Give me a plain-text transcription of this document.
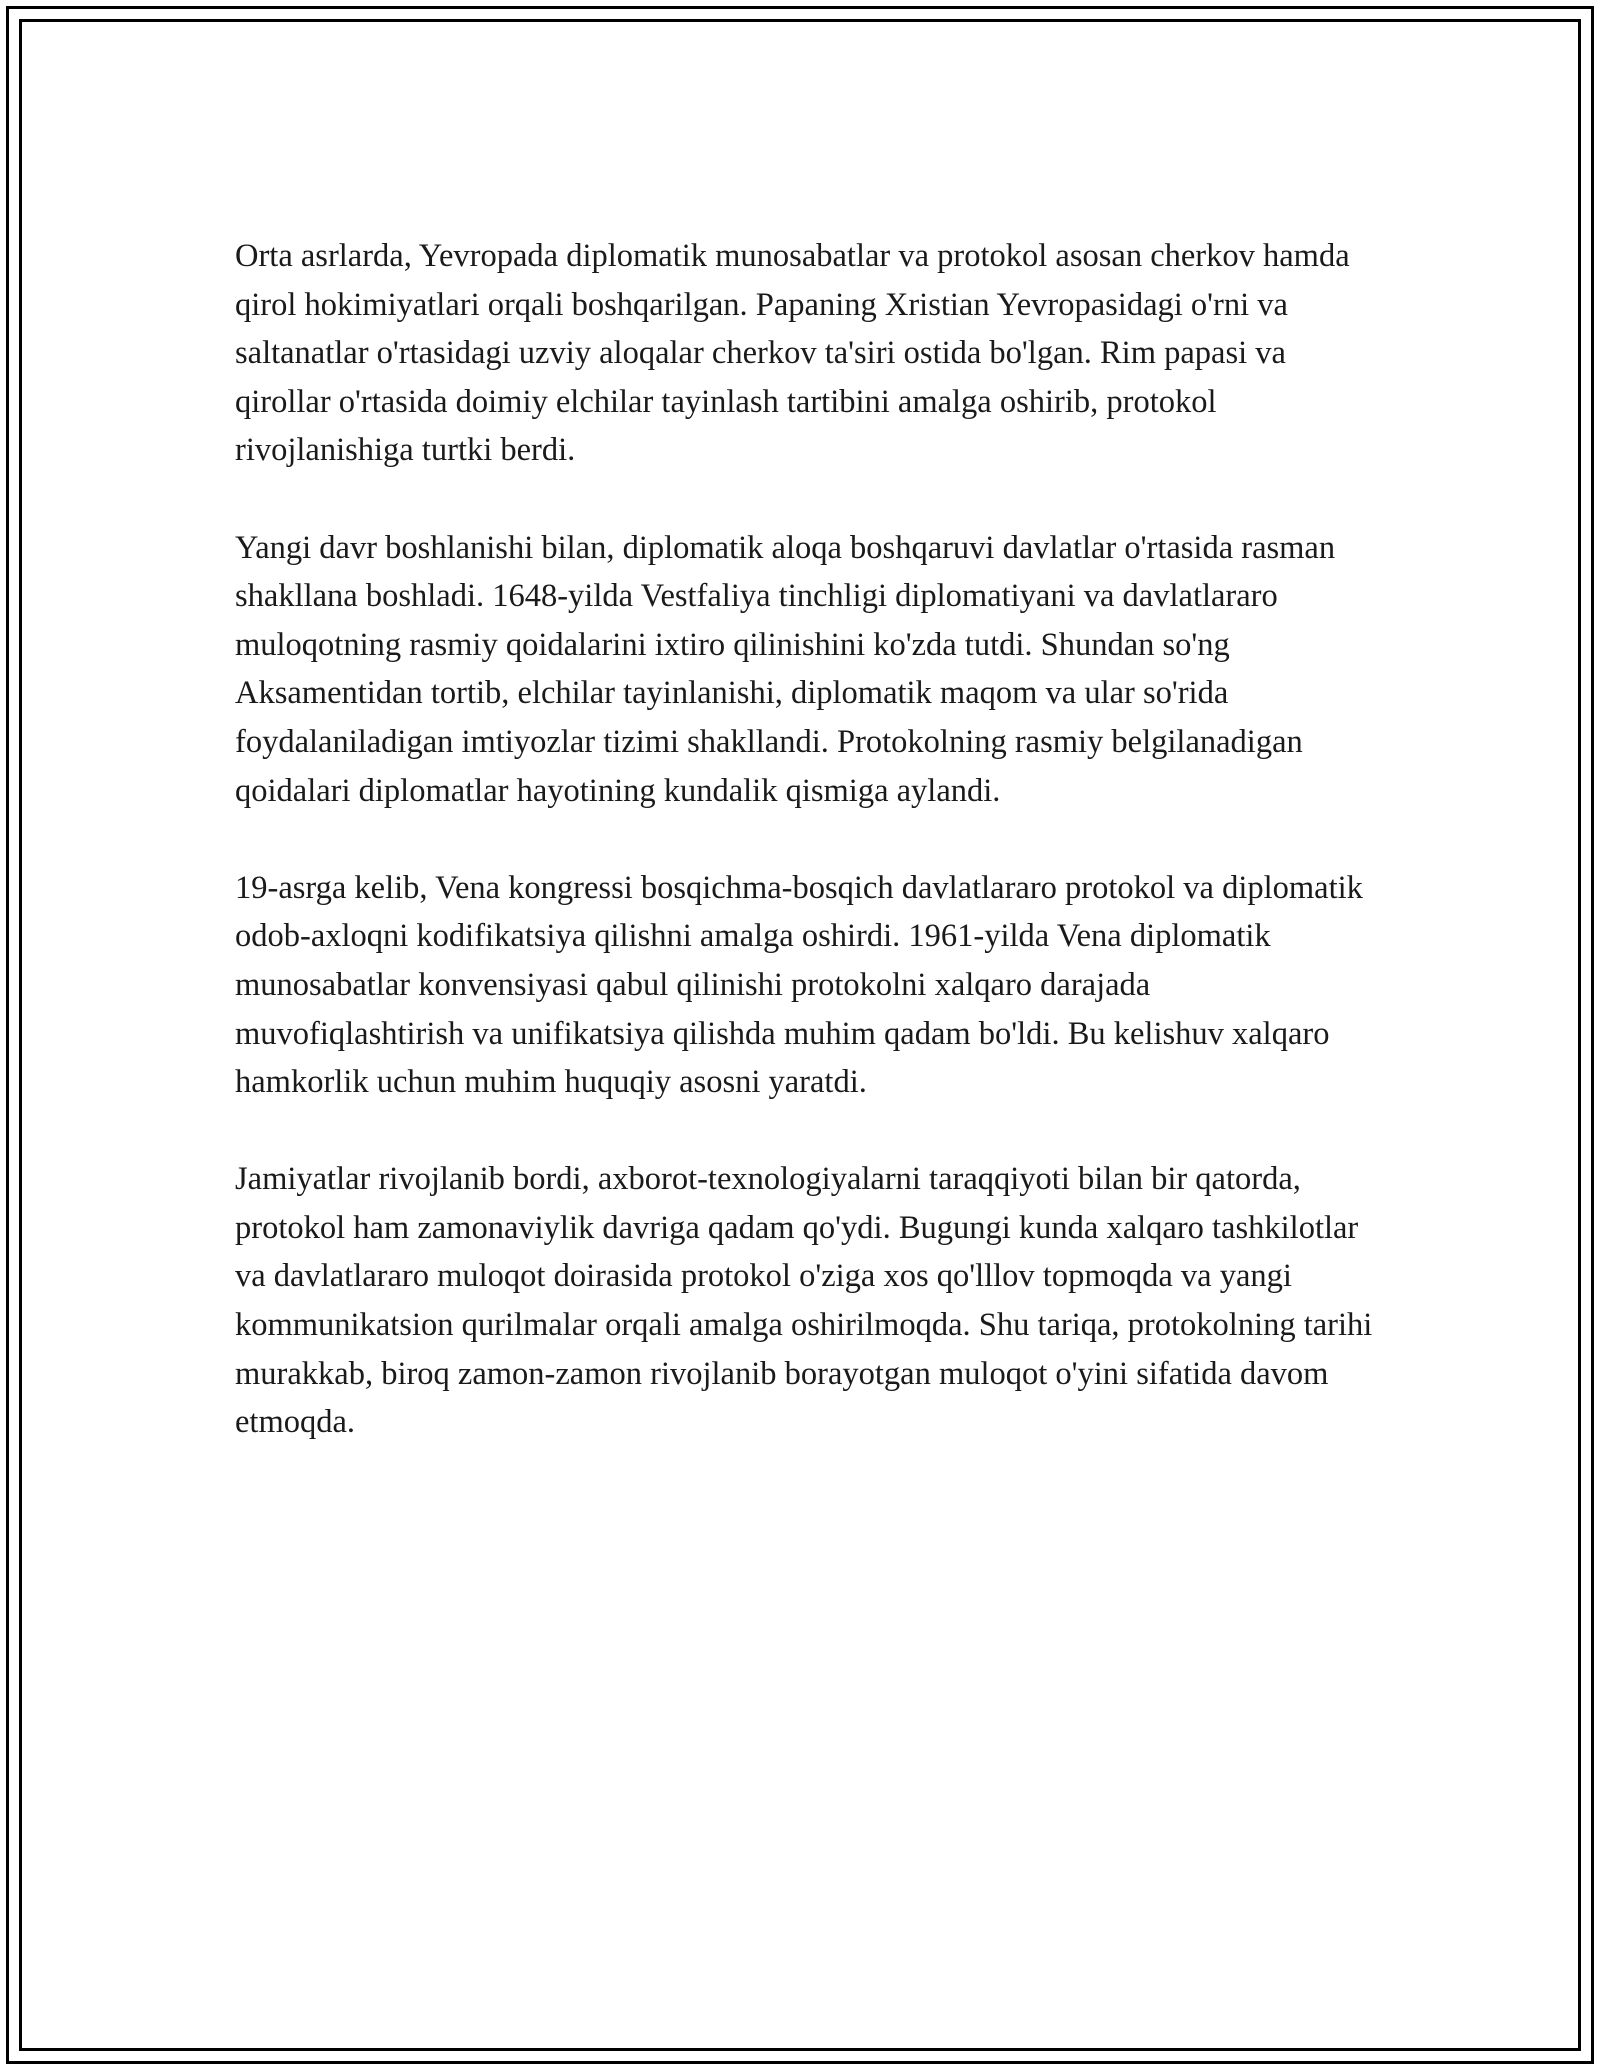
Orta asrlarda, Yevropada diplomatik munosabatlar va protokol asosan cherkov hamda qirol hokimiyatlari orqali boshqarilgan. Papaning Xristian Yevropasidagi o'rni va saltanatlar o'rtasidagi uzviy aloqalar cherkov ta'siri ostida bo'lgan. Rim papasi va qirollar o'rtasida doimiy elchilar tayinlash tartibini amalga oshirib, protokol rivojlanishiga turtki berdi.

Yangi davr boshlanishi bilan, diplomatik aloqa boshqaruvi davlatlar o'rtasida rasman shakllana boshladi. 1648-yilda Vestfaliya tinchligi diplomatiyani va davlatlararo muloqotning rasmiy qoidalarini ixtiro qilinishini ko'zda tutdi. Shundan so'ng Aksamentidan tortib, elchilar tayinlanishi, diplomatik maqom va ular so'rida foydalaniladigan imtiyozlar tizimi shakllandi. Protokolning rasmiy belgilanadigan qoidalari diplomatlar hayotining kundalik qismiga aylandi.

19-asrga kelib, Vena kongressi bosqichma-bosqich davlatlararo protokol va diplomatik odob-axloqni kodifikatsiya qilishni amalga oshirdi. 1961-yilda Vena diplomatik munosabatlar konvensiyasi qabul qilinishi protokolni xalqaro darajada muvofiqlashtirish va unifikatsiya qilishda muhim qadam bo'ldi. Bu kelishuv xalqaro hamkorlik uchun muhim huquqiy asosni yaratdi.

Jamiyatlar rivojlanib bordi, axborot-texnologiyalarni taraqqiyoti bilan bir qatorda, protokol ham zamonaviylik davriga qadam qo'ydi. Bugungi kunda xalqaro tashkilotlar va davlatlararo muloqot doirasida protokol o'ziga xos qo'lllov topmoqda va yangi kommunikatsion qurilmalar orqali amalga oshirilmoqda. Shu tariqa, protokolning tarihi murakkab, biroq zamon-zamon rivojlanib borayotgan muloqot o'yini sifatida davom etmoqda.
